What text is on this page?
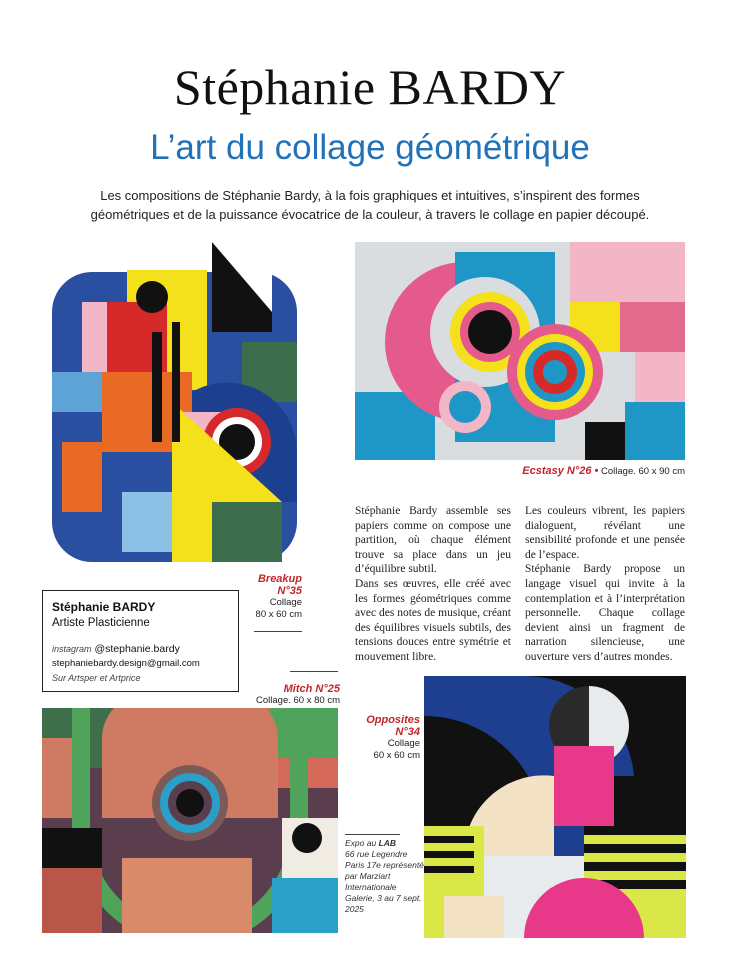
Stéphanie BARDY
L’art du collage géométrique
Les compositions de Stéphanie Bardy, à la fois graphiques et intuitives, s’inspirent des formes géométriques et de la puissance évocatrice de la couleur, à travers le collage en papier découpé.
Breakup
N°35
Collage
80 x 60 cm
Ecstasy N°26 • Collage. 60 x 90 cm

Stéphanie Bardy assemble ses papiers comme on compose une partition, où chaque élément trouve sa place dans un jeu d’équilibre subtil.

Dans ses œuvres, elle créé avec les formes géométriques comme avec des notes de musique, créant des équilibres visuels subtils, des tensions douces entre symétrie et mouvement libre.

Les couleurs vibrent, les papiers dialoguent, révélant une sensibilité profonde et une pensée de l’espace.

Stéphanie Bardy propose un langage visuel qui invite à la contemplation et à l’interprétation personnelle. Chaque collage devient ainsi un fragment de narration silencieuse, une ouverture vers d’autres mondes.

Stéphanie BARDY
Artiste Plasticienne
instagram @stephanie.bardy
stephaniebardy.design@gmail.com
Sur Artsper et Artprice
Mitch N°25
Collage. 60 x 80 cm
Opposites
N°34
Collage
60 x 60 cm
Expo au LAB
66 rue Legendre Paris 17e représenté par Marziart Internationale Galerie, 3 au 7 sept. 2025
